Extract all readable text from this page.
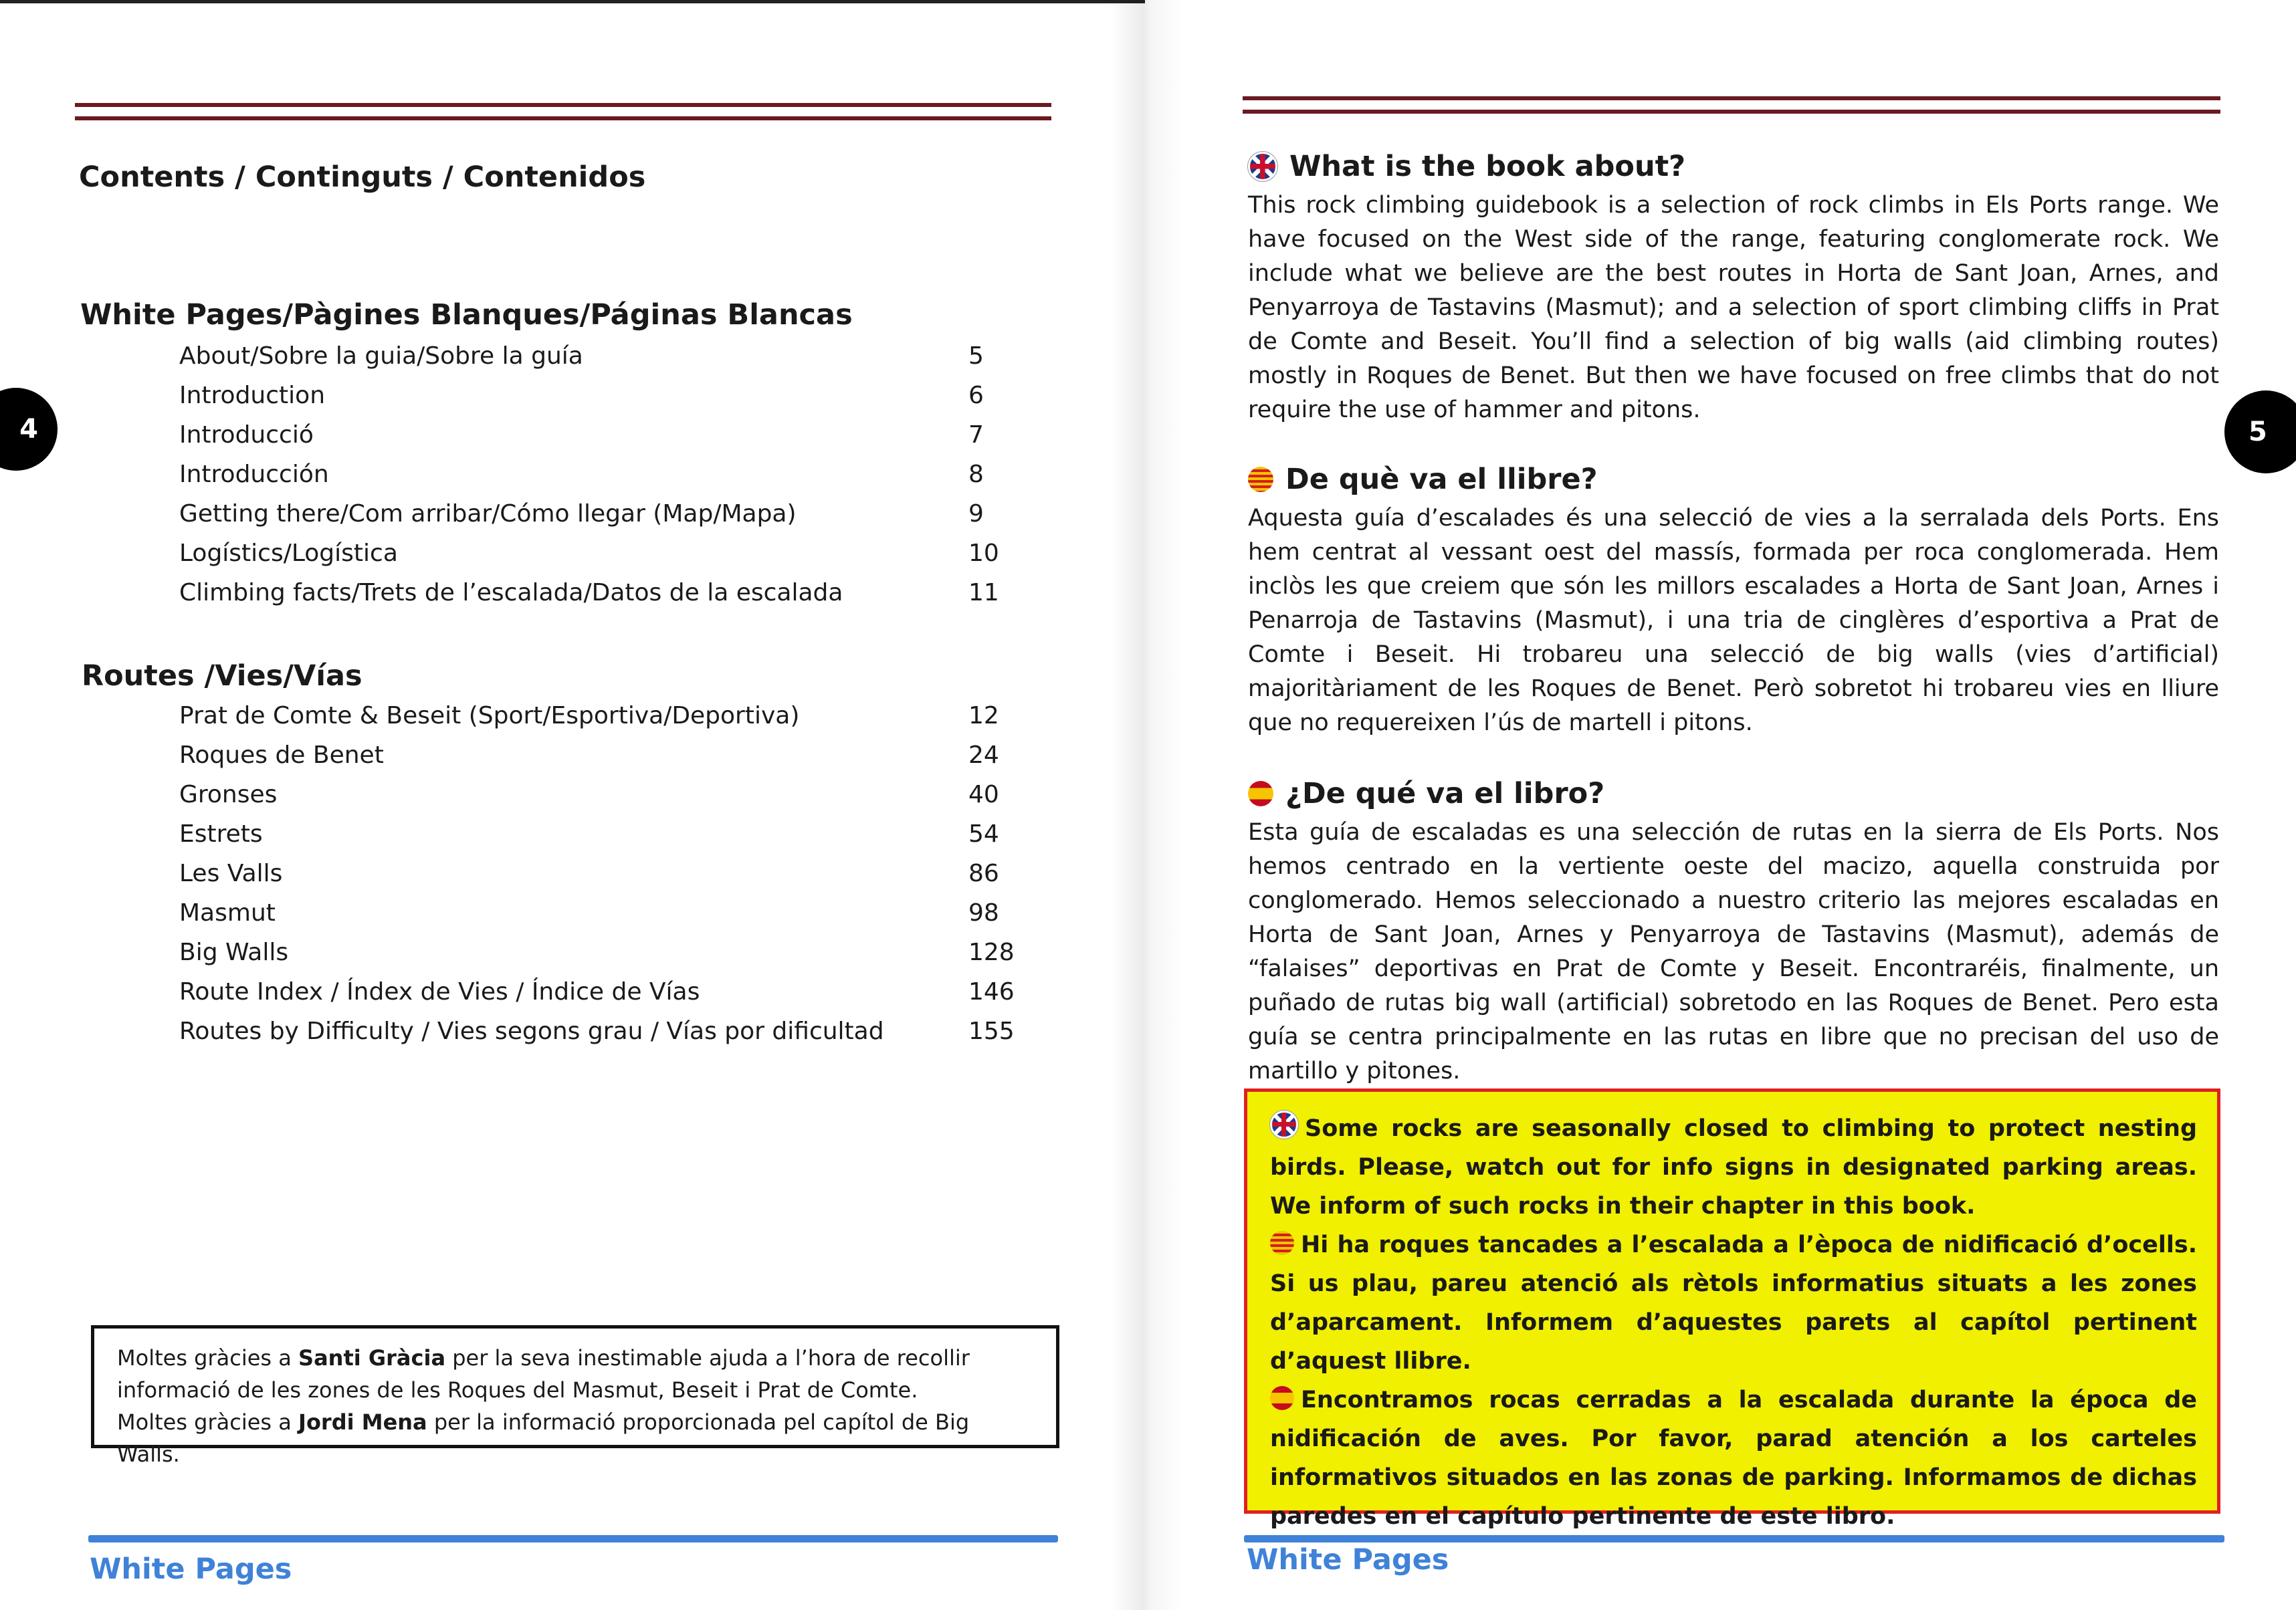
Contents / Continguts / Contenidos
White Pages/Pàgines Blanques/Páginas Blancas
About/Sobre la guia/Sobre la guía	5
Introduction	6
Introducció	7
Introducción	8
Getting there/Com arribar/Cómo llegar (Map/Mapa)	9
Logístics/Logística	10
Climbing facts/Trets de l’escalada/Datos de la escalada	11
Routes /Vies/Vías
Prat de Comte & Beseit (Sport/Esportiva/Deportiva)	12
Roques de Benet	24
Gronses	40
Estrets	54
Les Valls	86
Masmut	98
Big Walls	128
Route Index / Índex de Vies / Índice de Vías	146
Routes by Difficulty / Vies segons grau / Vías por dificultad	155
Moltes gràcies a Santi Gràcia per la seva inestimable ajuda a l’hora de recollir informació de les zones de les Roques del Masmut, Beseit i Prat de Comte.
Moltes gràcies a Jordi Mena per la informació proporcionada pel capítol de Big Walls.
White Pages
4
White Pages
5
What is the book about?
This rock climbing guidebook is a selection of rock climbs in Els Ports range. We have focused on the West side of the range, featuring conglomerate rock. We include what we believe are the best routes in Horta de Sant Joan, Arnes, and Penyarroya de Tastavins (Masmut); and a selection of sport climbing cliffs in Prat de Comte and Beseit. You’ll find a selection of big walls (aid climbing routes) mostly in Roques de Benet. But then we have focused on free climbs that do not require the use of hammer and pitons.
De què va el llibre?
Aquesta guía d’escalades és una selecció de vies a la serralada dels Ports. Ens hem centrat al vessant oest del massís, formada per roca conglomerada. Hem inclòs les que creiem que són les millors escalades a Horta de Sant Joan, Arnes i Penarroja de Tastavins (Masmut), i una tria de cinglères d’esportiva a Prat de Comte i Beseit. Hi trobareu una selecció de big walls (vies d’artificial) majoritàriament de les Roques de Benet. Però sobretot hi trobareu vies en lliure que no requereixen l’ús de martell i pitons.
¿De qué va el libro?
Esta guía de escaladas es una selección de rutas en la sierra de Els Ports. Nos hemos centrado en la vertiente oeste del macizo, aquella construida por conglomerado. Hemos seleccionado a nuestro criterio las mejores escaladas en Horta de Sant Joan, Arnes y Penyarroya de Tastavins (Masmut), además de “falaises” deportivas en Prat de Comte y Beseit. Encontraréis, finalmente, un puñado de rutas big wall (artificial) sobretodo en las Roques de Benet. Pero esta guía se centra principalmente en las rutas en libre que no precisan del uso de martillo y pitones.
Some rocks are seasonally closed to climbing to protect nesting birds. Please, watch out for info signs in designated parking areas. We inform of such rocks in their chapter in this book.
Hi ha roques tancades a l’escalada a l’època de nidificació d’ocells. Si us plau, pareu atenció als rètols informatius situats a les zones d’aparcament. Informem d’aquestes parets al capítol pertinent d’aquest llibre.
Encontramos rocas cerradas a la escalada durante la época de nidificación de aves. Por favor, parad atención a los carteles informativos situados en las zonas de parking. Informamos de dichas paredes en el capítulo pertinente de este libro.
